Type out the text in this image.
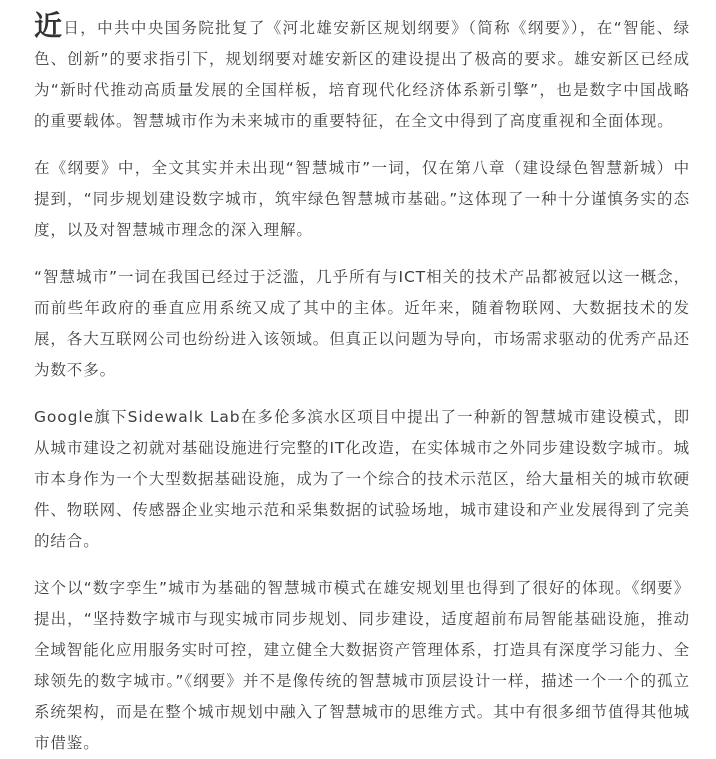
近日，中共中央国务院批复了《河北雄安新区规划纲要》（简称《纲要》），在“智能、绿色、创新”的要求指引下，规划纲要对雄安新区的建设提出了极高的要求。雄安新区已经成为“新时代推动高质量发展的全国样板，培育现代化经济体系新引擎”，也是数字中国战略的重要载体。智慧城市作为未来城市的重要特征，在全文中得到了高度重视和全面体现。

在《纲要》中，全文其实并未出现“智慧城市”一词，仅在第八章（建设绿色智慧新城）中提到，“同步规划建设数字城市，筑牢绿色智慧城市基础。”这体现了一种十分谨慎务实的态度，以及对智慧城市理念的深入理解。

“智慧城市”一词在我国已经过于泛滥，几乎所有与ICT相关的技术产品都被冠以这一概念，而前些年政府的垂直应用系统又成了其中的主体。近年来，随着物联网、大数据技术的发展，各大互联网公司也纷纷进入该领域。但真正以问题为导向，市场需求驱动的优秀产品还为数不多。

Google旗下Sidewalk Lab在多伦多滨水区项目中提出了一种新的智慧城市建设模式，即从城市建设之初就对基础设施进行完整的IT化改造，在实体城市之外同步建设数字城市。城市本身作为一个大型数据基础设施，成为了一个综合的技术示范区，给大量相关的城市软硬件、物联网、传感器企业实地示范和采集数据的试验场地，城市建设和产业发展得到了完美的结合。

这个以“数字孪生”城市为基础的智慧城市模式在雄安规划里也得到了很好的体现。《纲要》提出，“坚持数字城市与现实城市同步规划、同步建设，适度超前布局智能基础设施，推动全域智能化应用服务实时可控，建立健全大数据资产管理体系，打造具有深度学习能力、全球领先的数字城市。”《纲要》并不是像传统的智慧城市顶层设计一样，描述一个一个的孤立系统架构，而是在整个城市规划中融入了智慧城市的思维方式。其中有很多细节值得其他城市借鉴。
